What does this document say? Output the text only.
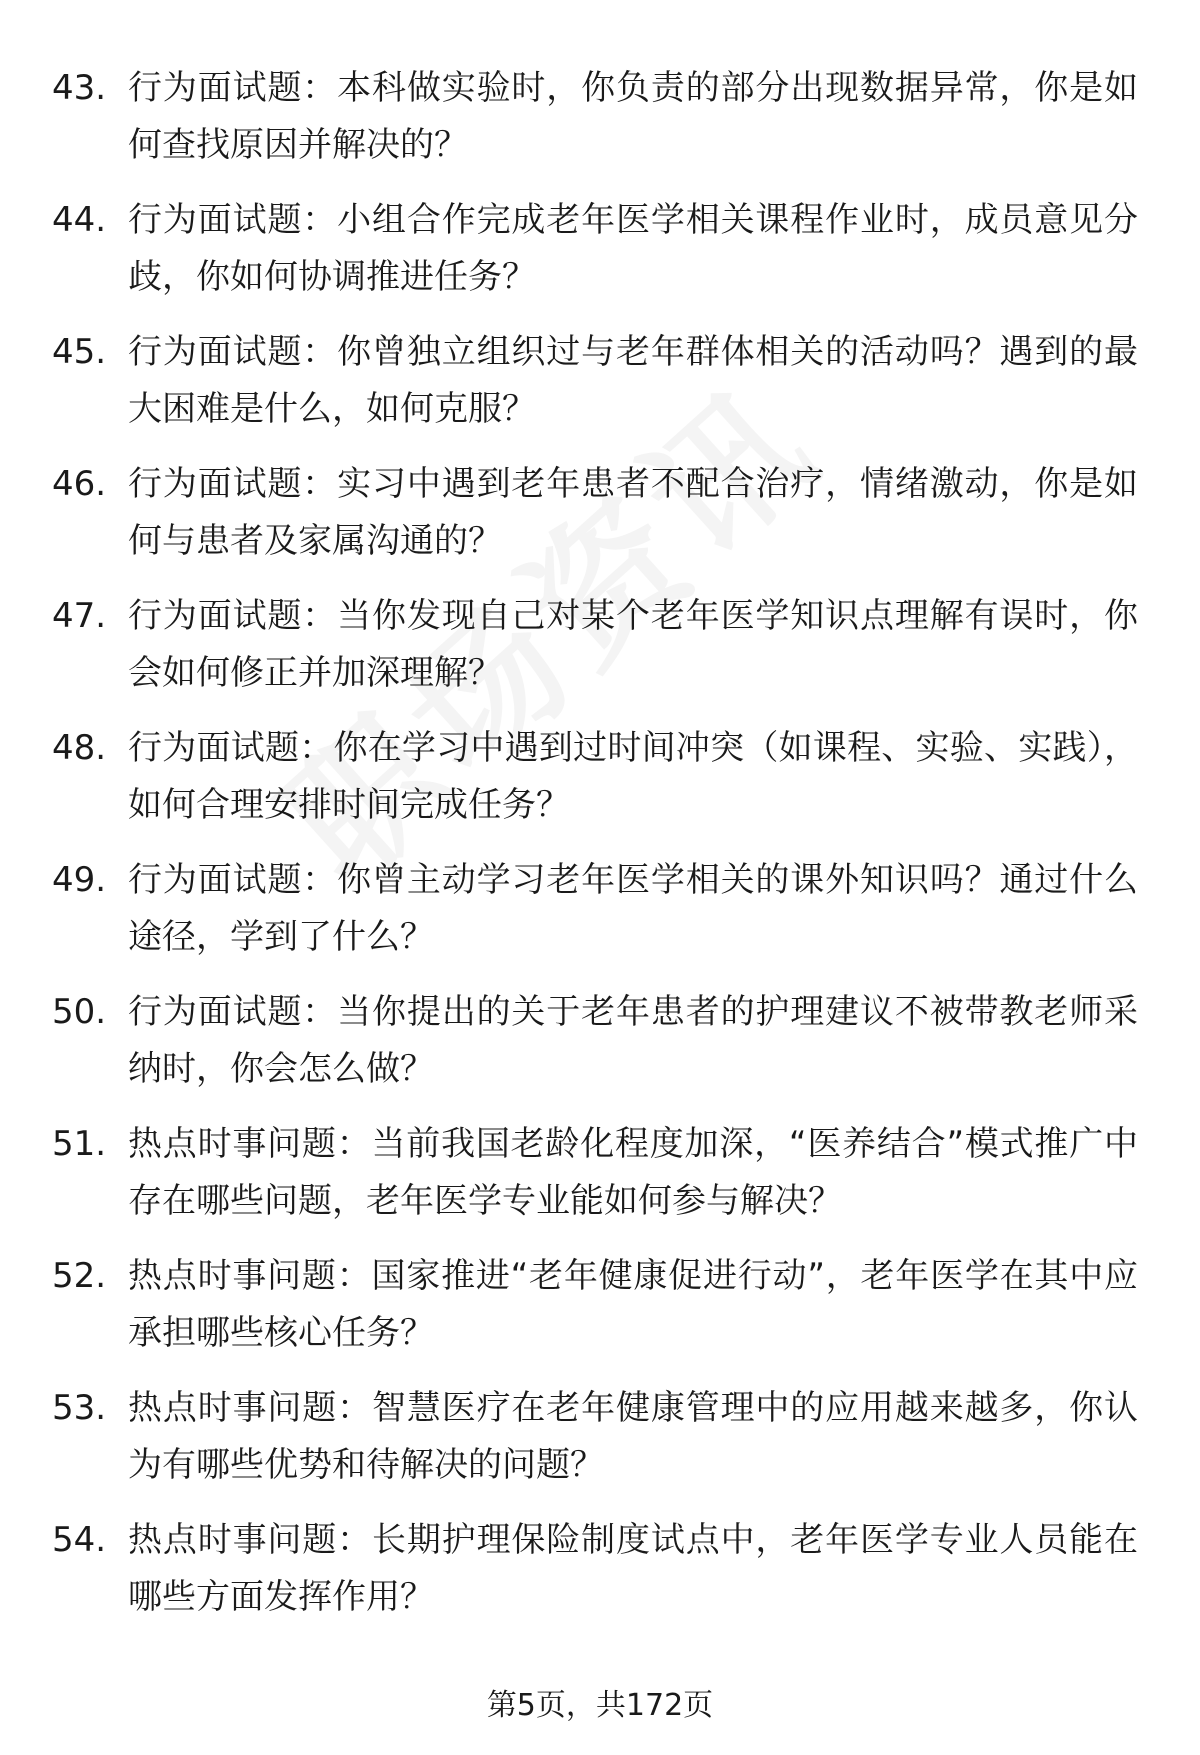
43. 行为面试题：本科做实验时，你负责的部分出现数据异常，你是如何查找原因并解决的？
44. 行为面试题：小组合作完成老年医学相关课程作业时，成员意见分歧，你如何协调推进任务？
45. 行为面试题：你曾独立组织过与老年群体相关的活动吗？遇到的最大困难是什么，如何克服？
46. 行为面试题：实习中遇到老年患者不配合治疗，情绪激动，你是如何与患者及家属沟通的？
47. 行为面试题：当你发现自己对某个老年医学知识点理解有误时，你会如何修正并加深理解？
48. 行为面试题：你在学习中遇到过时间冲突（如课程、实验、实践），如何合理安排时间完成任务？
49. 行为面试题：你曾主动学习老年医学相关的课外知识吗？通过什么途径，学到了什么？
50. 行为面试题：当你提出的关于老年患者的护理建议不被带教老师采纳时，你会怎么做？
51. 热点时事问题：当前我国老龄化程度加深，“医养结合”模式推广中存在哪些问题，老年医学专业能如何参与解决？
52. 热点时事问题：国家推进“老年健康促进行动”，老年医学在其中应承担哪些核心任务？
53. 热点时事问题：智慧医疗在老年健康管理中的应用越来越多，你认为有哪些优势和待解决的问题？
54. 热点时事问题：长期护理保险制度试点中，老年医学专业人员能在哪些方面发挥作用？
第5页，共172页
